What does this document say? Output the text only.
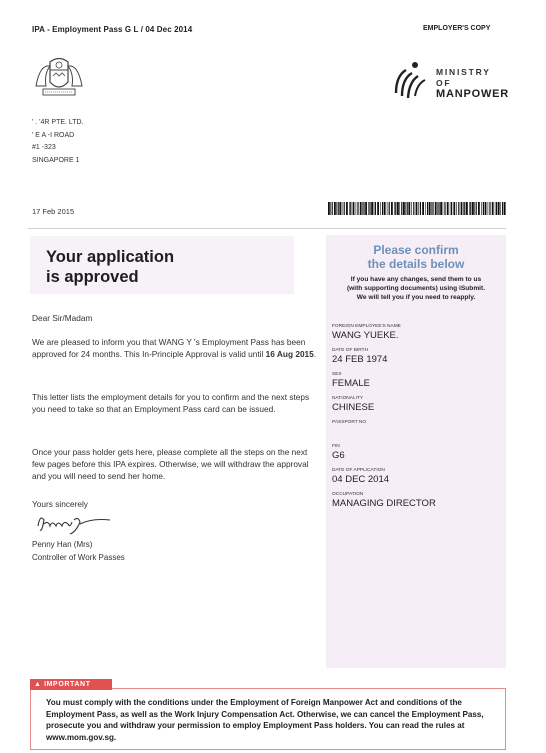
IPA - Employment Pass G L / 04 Dec 2014	EMPLOYER'S COPY
MINISTRY OF
MANPOWER
' . '4R PTE. LTD.
' E A -I ROAD
#1 -323
SINGAPORE 1
17 Feb 2015
Your application
is approved
Please confirm
the details below
If you have any changes, send them to us
(with supporting documents) using iSubmit.
We will tell you if you need to reapply.
FOREIGN EMPLOYEE'S NAME
WANG YUEKE.
DATE OF BIRTH
24 FEB 1974
SEX
FEMALE
NATIONALITY
CHINESE
PASSPORT NO
FIN
G6
DATE OF APPLICATION
04 DEC 2014
OCCUPATION
MANAGING DIRECTOR
Dear Sir/Madam
We are pleased to inform you that WANG Y 's Employment Pass has been approved for 24 months. This In-Principle Approval is valid until 16 Aug 2015.
This letter lists the employment details for you to confirm and the next steps you need to take so that an Employment Pass card can be issued.
Once your pass holder gets here, please complete all the steps on the next few pages before this IPA expires. Otherwise, we will withdraw the approval and you will need to send her home.
Yours sincerely
Penny Han (Mrs)
Controller of Work Passes
▲ IMPORTANT
You must comply with the conditions under the Employment of Foreign Manpower Act and conditions of the Employment Pass, as well as the Work Injury Compensation Act. Otherwise, we can cancel the Employment Pass, prosecute you and withdraw your permission to employ Employment Pass holders. You can read the rules at www.mom.gov.sg.
